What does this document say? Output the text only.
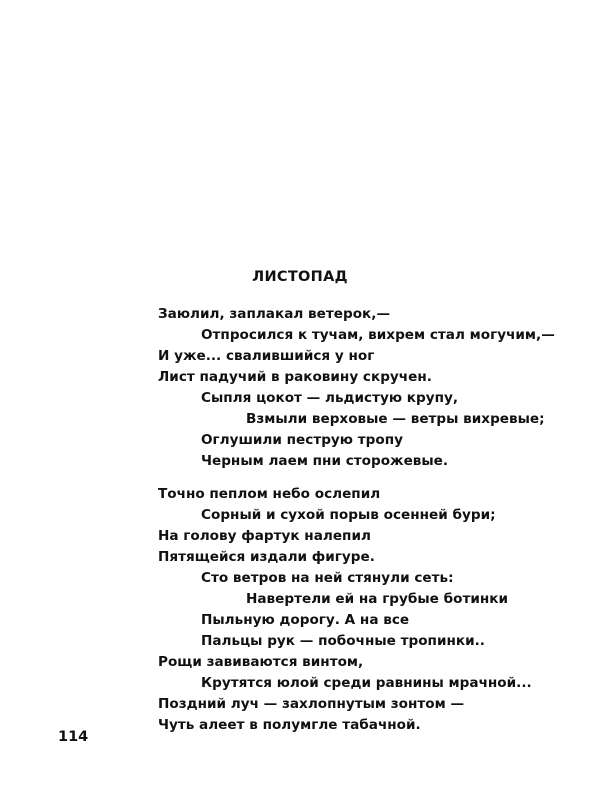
ЛИСТОПАД
Заюлил, заплакал ветерок,—
Отпросился к тучам, вихрем стал могучим,—
И уже... свалившийся у ног
Лист падучий в раковину скручен.
Сыпля цокот — льдистую крупу,
Взмыли верховые — ветры вихревые;
Оглушили пеструю тропу
Черным лаем пни сторожевые.
Точно пеплом небо ослепил
Сорный и сухой порыв осенней бури;
На голову фартук налепил
Пятящейся издали фигуре.
Сто ветров на ней стянули сеть:
Навертели ей на грубые ботинки
Пыльную дорогу. А на все
Пальцы рук — побочные тропинки..
Рощи завиваются винтом,
Крутятся юлой среди равнины мрачной...
Поздний луч — захлопнутым зонтом —
Чуть алеет в полумгле табачной.
114
